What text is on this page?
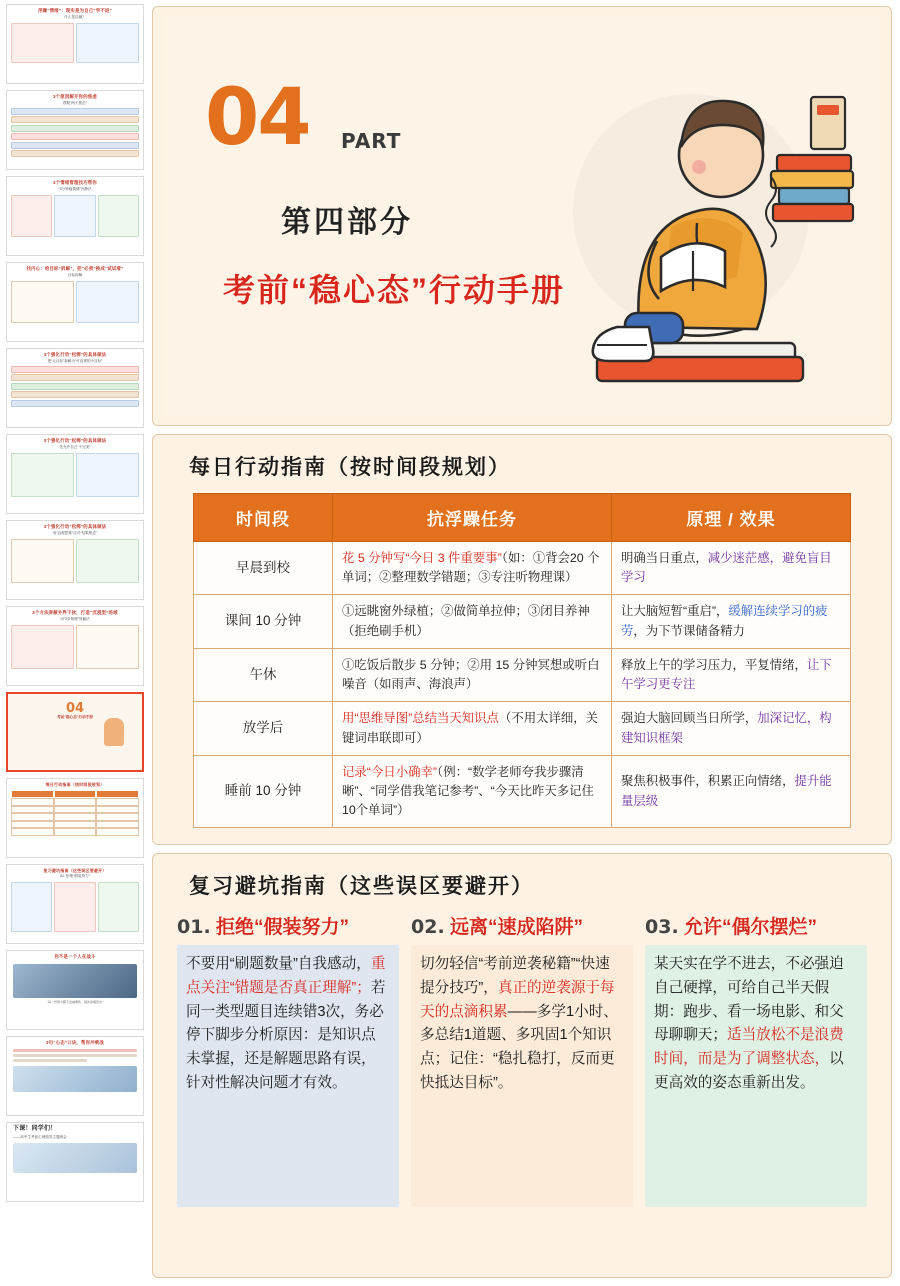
浮躁“情绪”：现实是为自己“学不进”
什么是浮躁？
3个原因解开你的焦虑
摆脱“两天焦虑”
3个情绪管理技巧帮你
“3分钟稳情绪”冷静法
找内心：给目标“拆解”，把“必须”换成“试试看”
目标拆解
3个强化行动“松绑”的具体做法
把“大目标”拆解为“可直观的小目标”
3个强化行动“松绑”的具体做法
先允许自己“不完美”
3个强化行动“松绑”的具体做法
用“远程思维”应对“结果焦虑”
3个方法屏蔽外界干扰，打造“沉浸型”场域
用“3步物理”屏蔽法
04
考前“稳心态”行动手册
每日行动指南（按时间段规划）
复习避坑指南（这些误区要避开）
01. 拒绝“假装努力”
你不是一个人在战斗
“每一份努力都不会被辜负，真次是模范志”
3句“心态”口诀，帮你冲刺战
下课！同学们！
——高中生考前心理疏导主题班会
04 PART
第四部分
考前“稳心态”行动手册
每日行动指南（按时间段规划）
时间段	抗浮躁任务	原理 / 效果
早晨到校	花 5 分钟写“今日 3 件重要事”（如：①背会20 个单词；②整理数学错题；③专注听物理课）	明确当日重点，减少迷茫感，避免盲目学习
课间 10 分钟	①远眺窗外绿植；②做简单拉伸；③闭目养神（拒绝刷手机）	让大脑短暂“重启”，缓解连续学习的疲劳，为下节课储备精力
午休	①吃饭后散步 5 分钟；②用 15 分钟冥想或听白噪音（如雨声、海浪声）	释放上午的学习压力，平复情绪，让下午学习更专注
放学后	用“思维导图”总结当天知识点（不用太详细，关键词串联即可）	强迫大脑回顾当日所学，加深记忆，构建知识框架
睡前 10 分钟	记录“今日小确幸”（例：“数学老师夸我步骤清晰”、“同学借我笔记参考”、“今天比昨天多记住10个单词”）	聚焦积极事件，积累正向情绪，提升能量层级
复习避坑指南（这些误区要避开）
01. 拒绝“假装努力”
不要用“刷题数量”自我感动，重点关注“错题是否真正理解”；若同一类型题目连续错3次，务必停下脚步分析原因：是知识点未掌握，还是解题思路有误，针对性解决问题才有效。
02. 远离“速成陷阱”
切勿轻信“考前逆袭秘籍”“快速提分技巧”，真正的逆袭源于每天的点滴积累——多学1小时、多总结1道题、多巩固1个知识点；记住：“稳扎稳打，反而更快抵达目标”。
03. 允许“偶尔摆烂”
某天实在学不进去，不必强迫自己硬撑，可给自己半天假期：跑步、看一场电影、和父母聊聊天；适当放松不是浪费时间，而是为了调整状态，以更高效的姿态重新出发。
